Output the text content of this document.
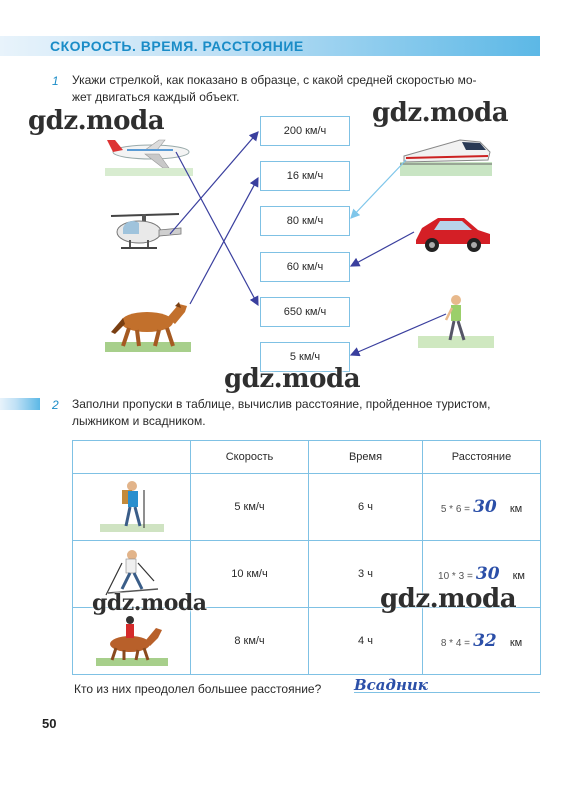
СКОРОСТЬ. ВРЕМЯ. РАССТОЯНИЕ
1 Укажи стрелкой, как показано в образце, с какой средней скоростью мо-
жет двигаться каждый объект.
200 км/ч
16 км/ч
80 км/ч
60 км/ч
650 км/ч
5 км/ч
gdz.moda	gdz.moda
gdz.moda
gdz.moda	gdz.moda
2 Заполни пропуски в таблице, вычислив расстояние, пройденное туристом,
лыжником и всадником.
	Скорость	Время	Расстояние
	5 км/ч	6 ч	5 * 6 = 30 км
	10 км/ч	3 ч	10 * 3 = 30 км
	8 км/ч	4 ч	8 * 4 = 32 км
Кто из них преодолел большее расстояние? Всадник
50
